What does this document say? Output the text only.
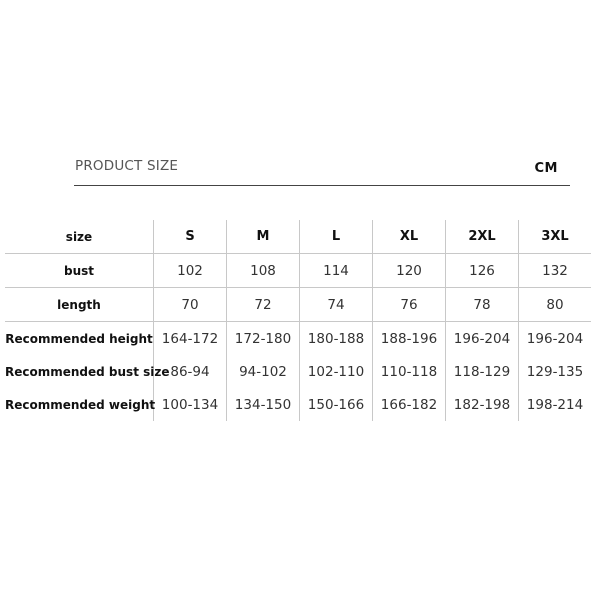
PRODUCT SIZE	CM
size	S	M	L	XL	2XL	3XL
bust	102	108	114	120	126	132
length	70	72	74	76	78	80
Recommended height	164-172	172-180	180-188	188-196	196-204	196-204
Recommended bust size	86-94	94-102	102-110	110-118	118-129	129-135
Recommended weight	100-134	134-150	150-166	166-182	182-198	198-214
